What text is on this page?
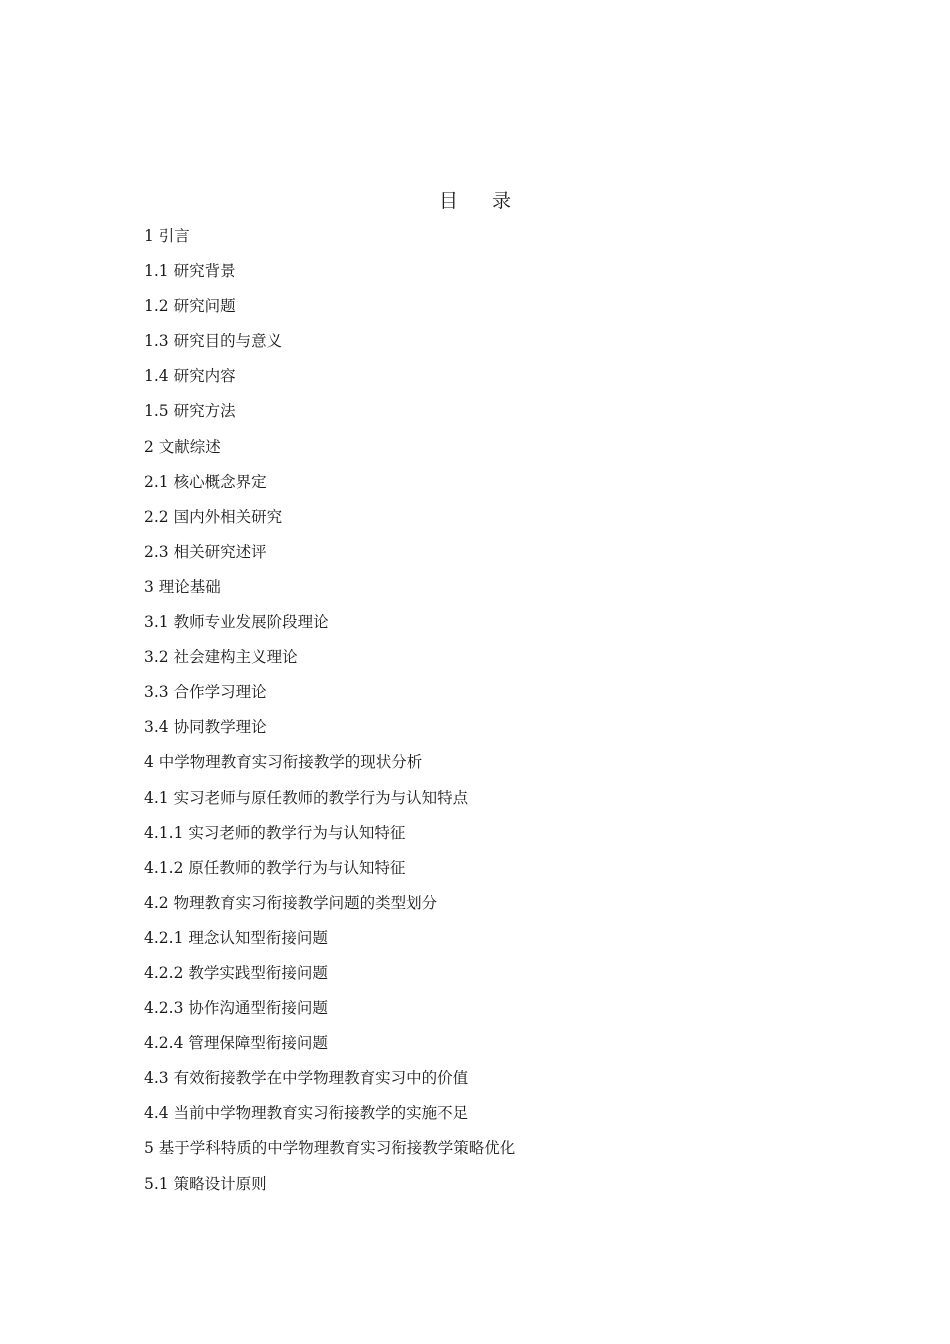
目 录
1 引言
1.1 研究背景
1.2 研究问题
1.3 研究目的与意义
1.4 研究内容
1.5 研究方法
2 文献综述
2.1 核心概念界定
2.2 国内外相关研究
2.3 相关研究述评
3 理论基础
3.1 教师专业发展阶段理论
3.2 社会建构主义理论
3.3 合作学习理论
3.4 协同教学理论
4 中学物理教育实习衔接教学的现状分析
4.1 实习老师与原任教师的教学行为与认知特点
4.1.1 实习老师的教学行为与认知特征
4.1.2 原任教师的教学行为与认知特征
4.2 物理教育实习衔接教学问题的类型划分
4.2.1 理念认知型衔接问题
4.2.2 教学实践型衔接问题
4.2.3 协作沟通型衔接问题
4.2.4 管理保障型衔接问题
4.3 有效衔接教学在中学物理教育实习中的价值
4.4 当前中学物理教育实习衔接教学的实施不足
5 基于学科特质的中学物理教育实习衔接教学策略优化
5.1 策略设计原则
